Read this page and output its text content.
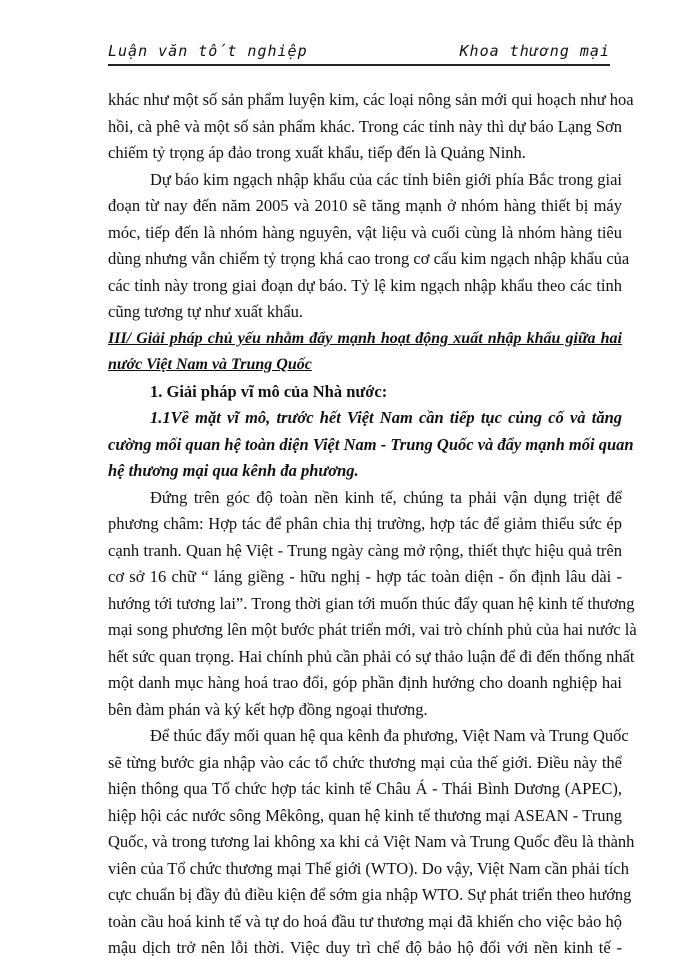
Luận văn tốt nghiệp	Khoa thương mại
khác như một số sản phẩm luyện kim, các loại nông sản mới qui hoạch như hoa
hồi, cà phê và một số sản phẩm khác. Trong các tỉnh này thì dự báo Lạng Sơn
chiếm tỷ trọng áp đảo trong xuất khẩu, tiếp đến là Quảng Ninh.
Dự báo kim ngạch nhập khẩu của các tỉnh biên giới phía Bắc trong giai
đoạn từ nay đến năm 2005 và 2010 sẽ tăng mạnh ở nhóm hàng thiết bị máy
móc, tiếp đến là nhóm hàng nguyên, vật liệu và cuối cùng là nhóm hàng tiêu
dùng nhưng vẫn chiếm tỷ trọng khá cao trong cơ cấu kim ngạch nhập khẩu của
các tỉnh này trong giai đoạn dự báo. Tỷ lệ kim ngạch nhập khẩu theo các tỉnh
cũng tương tự như xuất khẩu.
III/ Giải pháp chủ yếu nhằm đẩy mạnh hoạt động xuất nhập khẩu giữa hai
nước Việt Nam và Trung Quốc
1. Giải pháp vĩ mô của Nhà nước:
1.1Về mặt vĩ mô, trước hết Việt Nam cần tiếp tục củng cố và tăng
cường mối quan hệ toàn diện Việt Nam - Trung Quốc và đẩy mạnh mối quan
hệ thương mại qua kênh đa phương.
Đứng trên góc độ toàn nền kinh tế, chúng ta phải vận dụng triệt để
phương châm: Hợp tác để phân chia thị trường, hợp tác để giảm thiểu sức ép
cạnh tranh. Quan hệ Việt - Trung ngày càng mở rộng, thiết thực hiệu quả trên
cơ sở 16 chữ “ láng giềng - hữu nghị - hợp tác toàn diện - ổn định lâu dài -
hướng tới tương lai”. Trong thời gian tới muốn thúc đẩy quan hệ kinh tế thương
mại song phương lên một bước phát triển mới, vai trò chính phủ của hai nước là
hết sức quan trọng. Hai chính phủ cần phải có sự thảo luận để đi đến thống nhất
một danh mục hàng hoá trao đổi, góp phần định hướng cho doanh nghiệp hai
bên đàm phán và ký kết hợp đồng ngoại thương.
Để thúc đẩy mối quan hệ qua kênh đa phương, Việt Nam và Trung Quốc
sẽ từng bước gia nhập vào các tổ chức thương mại của thế giới. Điều này thể
hiện thông qua Tổ chức hợp tác kinh tế Châu Á - Thái Bình Dương (APEC),
hiệp hội các nước sông Mêkông, quan hệ kinh tế thương mại ASEAN - Trung
Quốc, và trong tương lai không xa khi cả Việt Nam và Trung Quốc đều là thành
viên của Tổ chức thương mại Thế giới (WTO). Do vậy, Việt Nam cần phải tích
cực chuẩn bị đầy đủ điều kiện để sớm gia nhập WTO. Sự phát triển theo hướng
toàn cầu hoá kinh tế và tự do hoá đầu tư thương mại đã khiến cho việc bảo hộ
mậu dịch trở nên lỗi thời. Việc duy trì chế độ bảo hộ đối với nền kinh tế -
